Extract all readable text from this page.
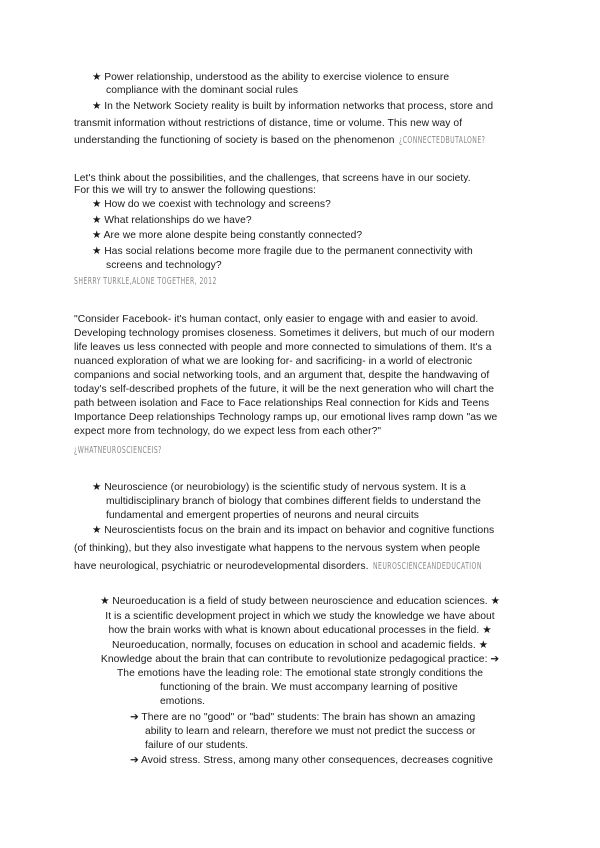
★ Power relationship, understood as the ability to exercise violence to ensure
compliance with the dominant social rules
★ In the Network Society reality is built by information networks that process, store and
transmit information without restrictions of distance, time or volume. This new way of
understanding the functioning of society is based on the phenomenon ¿CONNECTEDBUTALONE?
Let's think about the possibilities, and the challenges, that screens have in our society.
For this we will try to answer the following questions:
★ How do we coexist with technology and screens?
★ What relationships do we have?
★ Are we more alone despite being constantly connected?
★ Has social relations become more fragile due to the permanent connectivity with
screens and technology?
SHERRY TURKLE,ALONE TOGETHER, 2012
"Consider Facebook- it's human contact, only easier to engage with and easier to avoid.
Developing technology promises closeness. Sometimes it delivers, but much of our modern
life leaves us less connected with people and more connected to simulations of them. It's a
nuanced exploration of what we are looking for- and sacrificing- in a world of electronic
companions and social networking tools, and an argument that, despite the handwaving of
today's self-described prophets of the future, it will be the next generation who will chart the
path between isolation and Face to Face relationships Real connection for Kids and Teens
Importance Deep relationships Technology ramps up, our emotional lives ramp down "as we
expect more from technology, do we expect less from each other?"
¿WHATNEUROSCIENCEIS?
★ Neuroscience (or neurobiology) is the scientific study of nervous system. It is a
multidisciplinary branch of biology that combines different fields to understand the
fundamental and emergent properties of neurons and neural circuits
★ Neuroscientists focus on the brain and its impact on behavior and cognitive functions
(of thinking), but they also investigate what happens to the nervous system when people
have neurological, psychiatric or neurodevelopmental disorders. NEUROSCIENCEANDEDUCATION
★ Neuroeducation is a field of study between neuroscience and education sciences. ★
It is a scientific development project in which we study the knowledge we have about
how the brain works with what is known about educational processes in the field. ★
Neuroeducation, normally, focuses on education in school and academic fields. ★
Knowledge about the brain that can contribute to revolutionize pedagogical practice: ➔
The emotions have the leading role: The emotional state strongly conditions the
functioning of the brain. We must accompany learning of positive
emotions.
➔ There are no "good" or "bad" students: The brain has shown an amazing
ability to learn and relearn, therefore we must not predict the success or
failure of our students.
➔ Avoid stress. Stress, among many other consequences, decreases cognitive
